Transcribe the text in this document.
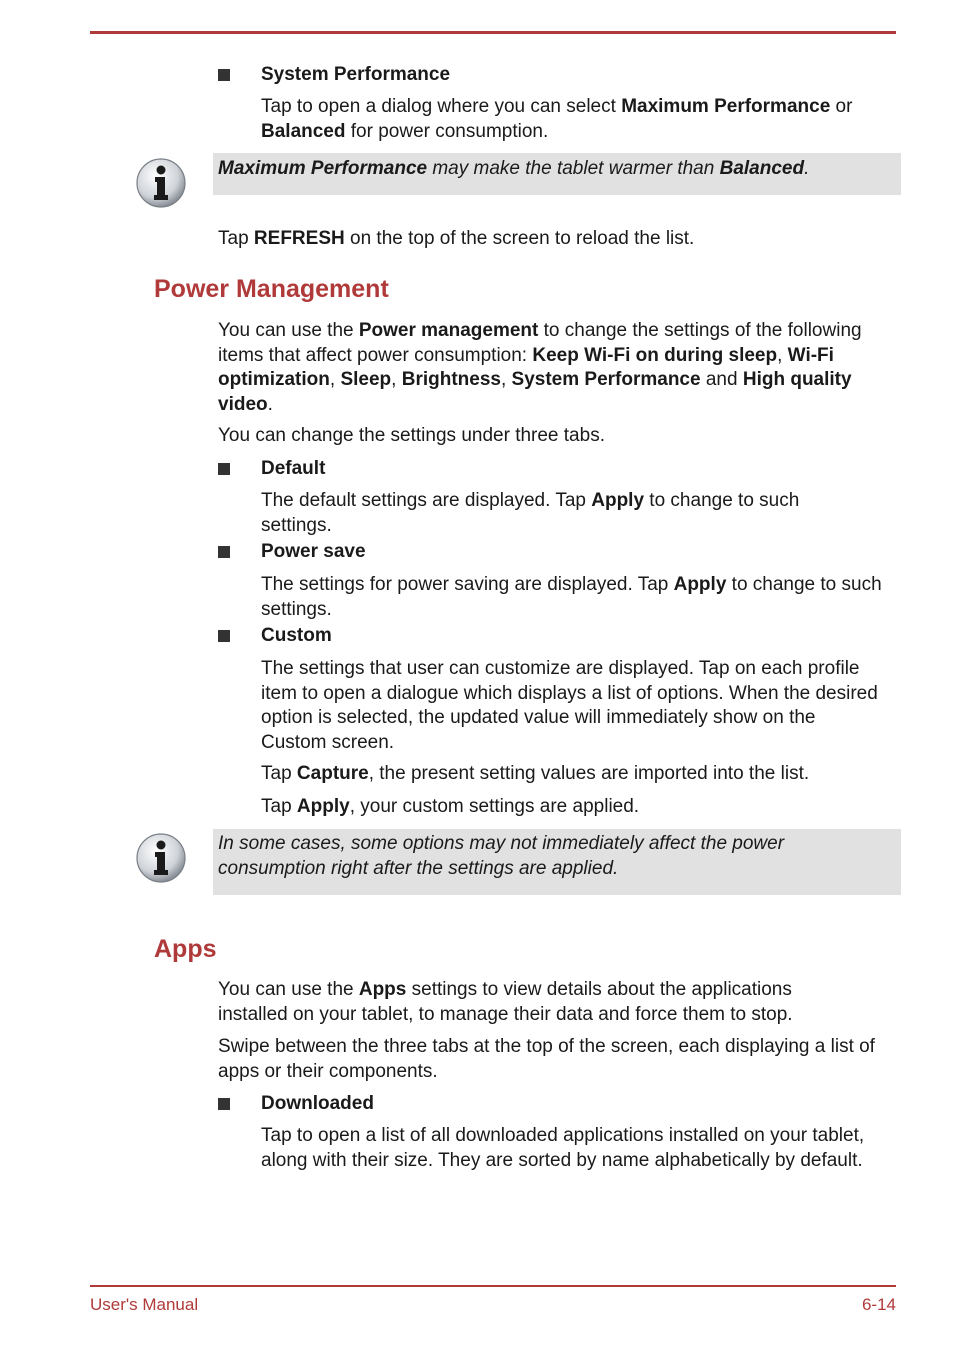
System Performance
Tap to open a dialog where you can select Maximum Performance or Balanced for power consumption.
Maximum Performance may make the tablet warmer than Balanced.
Tap REFRESH on the top of the screen to reload the list.
Power Management
You can use the Power management to change the settings of the following items that affect power consumption: Keep Wi-Fi on during sleep, Wi-Fi optimization, Sleep, Brightness, System Performance and High quality video.
You can change the settings under three tabs.
Default
The default settings are displayed. Tap Apply to change to such settings.
Power save
The settings for power saving are displayed. Tap Apply to change to such settings.
Custom
The settings that user can customize are displayed. Tap on each profile item to open a dialogue which displays a list of options. When the desired option is selected, the updated value will immediately show on the Custom screen.
Tap Capture, the present setting values are imported into the list.
Tap Apply, your custom settings are applied.
In some cases, some options may not immediately affect the power consumption right after the settings are applied.
Apps
You can use the Apps settings to view details about the applications installed on your tablet, to manage their data and force them to stop.
Swipe between the three tabs at the top of the screen, each displaying a list of apps or their components.
Downloaded
Tap to open a list of all downloaded applications installed on your tablet, along with their size. They are sorted by name alphabetically by default.
User's Manual	6-14
